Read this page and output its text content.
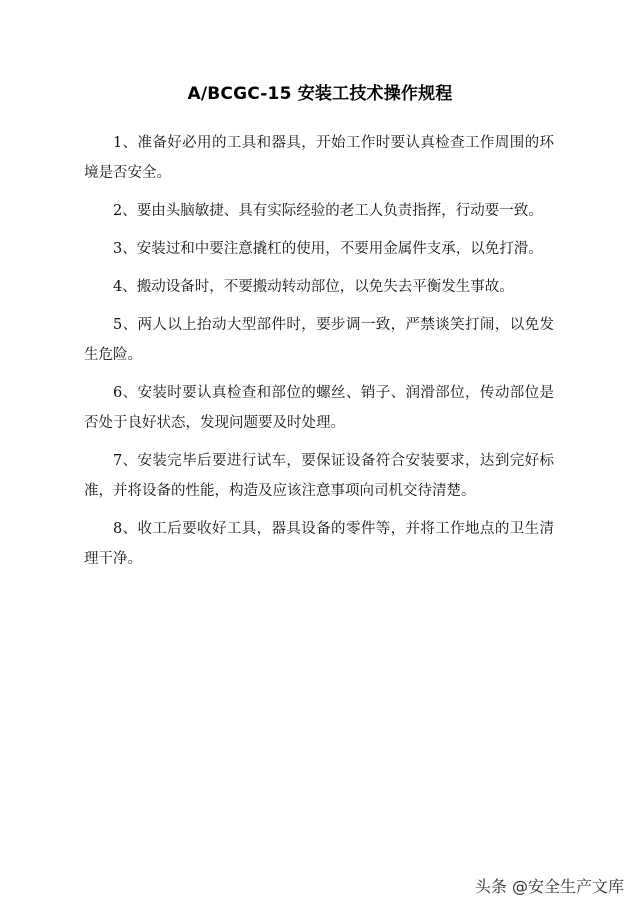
A/BCGC-15 安装工技术操作规程

1、准备好必用的工具和器具，开始工作时要认真检查工作周围的环境是否安全。

2、要由头脑敏捷、具有实际经验的老工人负责指挥，行动要一致。

3、安装过和中要注意撬杠的使用，不要用金属件支承，以免打滑。

4、搬动设备时，不要搬动转动部位，以免失去平衡发生事故。

5、两人以上抬动大型部件时，要步调一致，严禁谈笑打闹，以免发生危险。

6、安装时要认真检查和部位的螺丝、销子、润滑部位，传动部位是否处于良好状态，发现问题要及时处理。

7、安装完毕后要进行试车，要保证设备符合安装要求，达到完好标准，并将设备的性能，构造及应该注意事项向司机交待清楚。

8、收工后要收好工具，器具设备的零件等，并将工作地点的卫生清理干净。

头条 @安全生产文库
